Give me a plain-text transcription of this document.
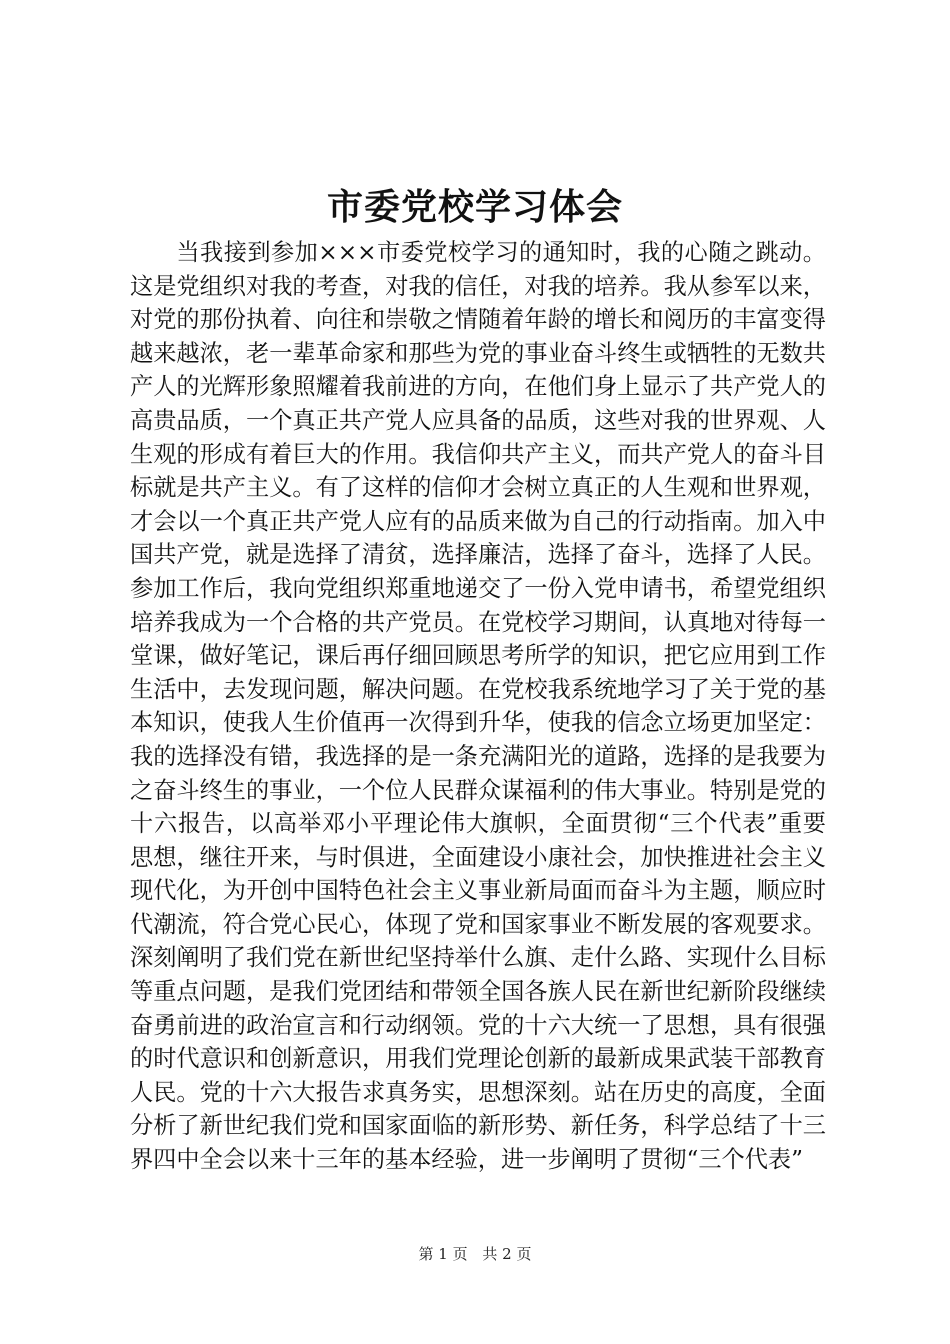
市委党校学习体会

当我接到参加×××市委党校学习的通知时，我的心随之跳动。这是党组织对我的考查，对我的信任，对我的培养。我从参军以来，对党的那份执着、向往和崇敬之情随着年龄的增长和阅历的丰富变得越来越浓，老一辈革命家和那些为党的事业奋斗终生或牺牲的无数共产人的光辉形象照耀着我前进的方向，在他们身上显示了共产党人的高贵品质，一个真正共产党人应具备的品质，这些对我的世界观、人生观的形成有着巨大的作用。我信仰共产主义，而共产党人的奋斗目标就是共产主义。有了这样的信仰才会树立真正的人生观和世界观，才会以一个真正共产党人应有的品质来做为自己的行动指南。加入中国共产党，就是选择了清贫，选择廉洁，选择了奋斗，选择了人民。参加工作后，我向党组织郑重地递交了一份入党申请书，希望党组织培养我成为一个合格的共产党员。在党校学习期间，认真地对待每一堂课，做好笔记，课后再仔细回顾思考所学的知识，把它应用到工作生活中，去发现问题，解决问题。在党校我系统地学习了关于党的基本知识，使我人生价值再一次得到升华，使我的信念立场更加坚定：我的选择没有错，我选择的是一条充满阳光的道路，选择的是我要为之奋斗终生的事业，一个位人民群众谋福利的伟大事业。特别是党的十六报告，以高举邓小平理论伟大旗帜，全面贯彻“三个代表”重要思想，继往开来，与时俱进，全面建设小康社会，加快推进社会主义现代化，为开创中国特色社会主义事业新局面而奋斗为主题，顺应时代潮流，符合党心民心，体现了党和国家事业不断发展的客观要求。深刻阐明了我们党在新世纪坚持举什么旗、走什么路、实现什么目标等重点问题，是我们党团结和带领全国各族人民在新世纪新阶段继续奋勇前进的政治宣言和行动纲领。党的十六大统一了思想，具有很强的时代意识和创新意识，用我们党理论创新的最新成果武装干部教育人民。党的十六大报告求真务实，思想深刻。站在历史的高度，全面分析了新世纪我们党和国家面临的新形势、新任务，科学总结了十三界四中全会以来十三年的基本经验，进一步阐明了贯彻“三个代表”

第 1 页 共 2 页
